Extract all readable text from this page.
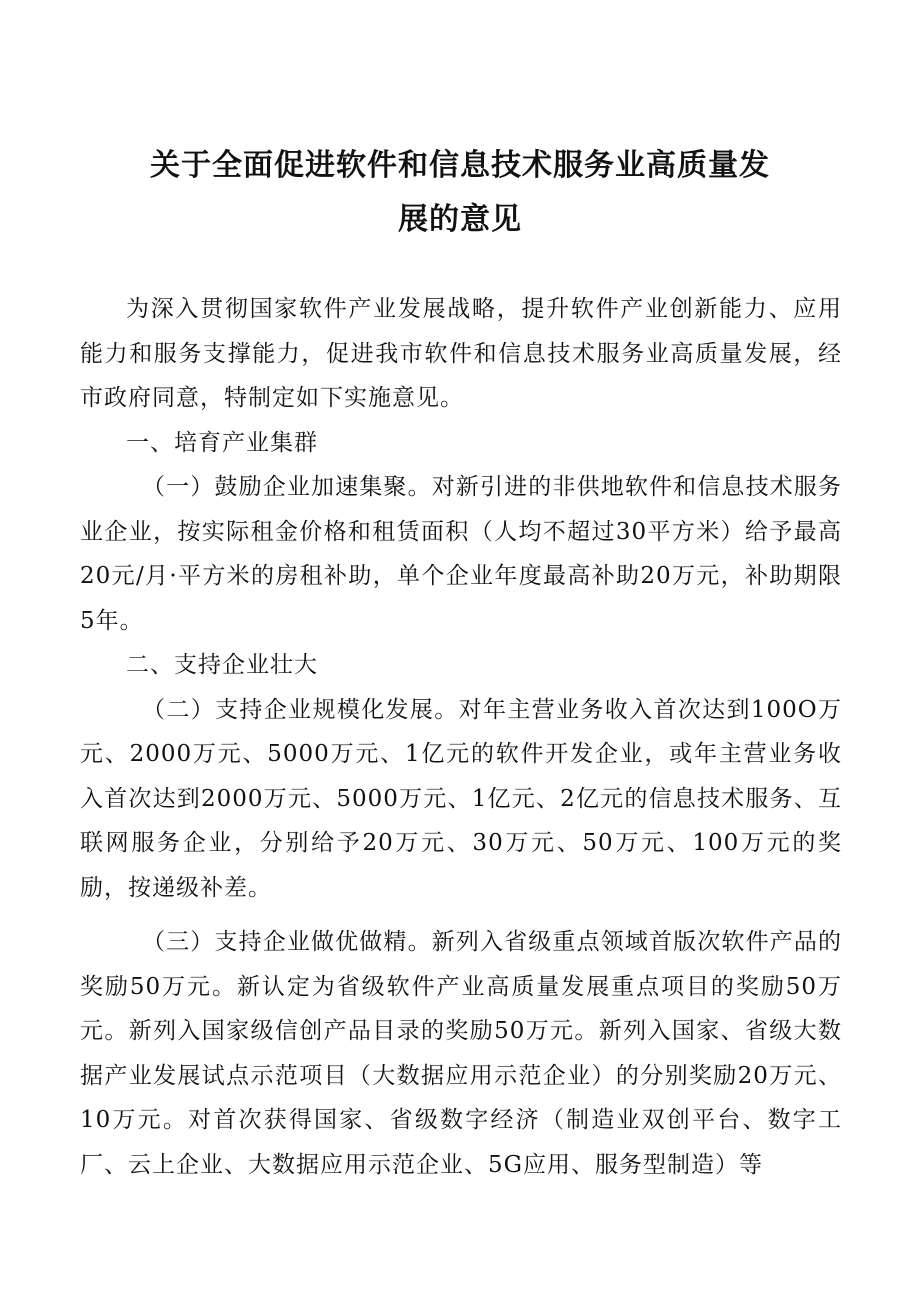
关于全面促进软件和信息技术服务业高质量发
展的意见

为深入贯彻国家软件产业发展战略，提升软件产业创新能力、应用能力和服务支撑能力，促进我市软件和信息技术服务业高质量发展，经市政府同意，特制定如下实施意见。

一、培育产业集群

（一）鼓励企业加速集聚。对新引进的非供地软件和信息技术服务业企业，按实际租金价格和租赁面积（人均不超过30平方米）给予最高20元/月·平方米的房租补助，单个企业年度最高补助20万元，补助期限5年。

二、支持企业壮大

（二）支持企业规模化发展。对年主营业务收入首次达到100O万元、2000万元、5000万元、1亿元的软件开发企业，或年主营业务收入首次达到2000万元、5000万元、1亿元、2亿元的信息技术服务、互联网服务企业，分别给予20万元、30万元、50万元、100万元的奖励，按递级补差。

（三）支持企业做优做精。新列入省级重点领域首版次软件产品的奖励50万元。新认定为省级软件产业高质量发展重点项目的奖励50万元。新列入国家级信创产品目录的奖励50万元。新列入国家、省级大数据产业发展试点示范项目（大数据应用示范企业）的分别奖励20万元、10万元。对首次获得国家、省级数字经济（制造业双创平台、数字工厂、云上企业、大数据应用示范企业、5G应用、服务型制造）等
